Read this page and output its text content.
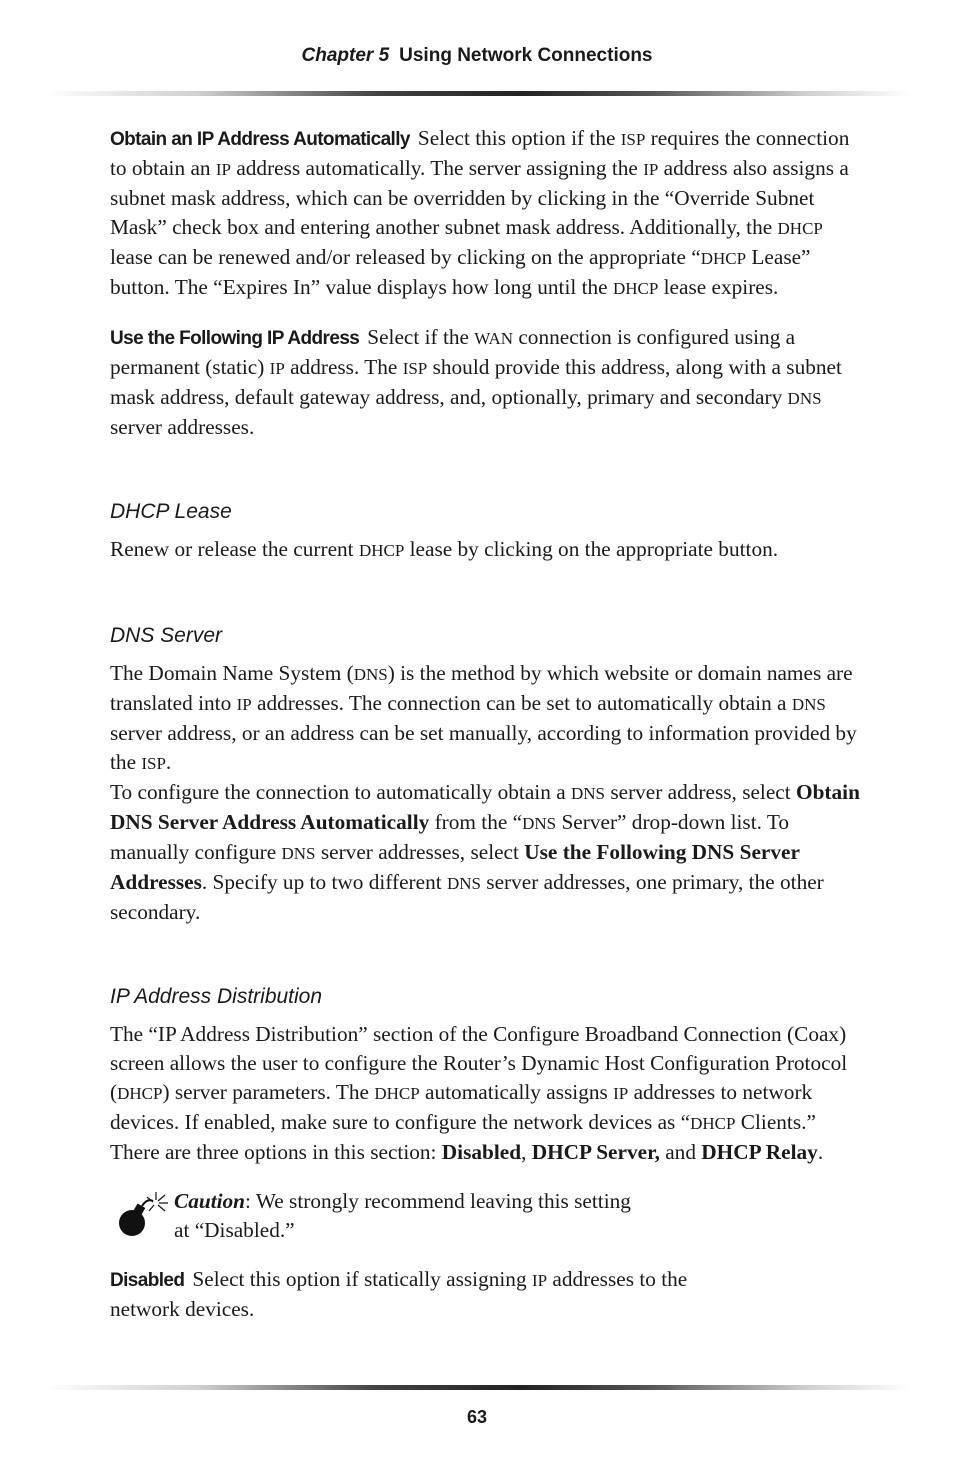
Chapter 5 Using Network Connections

Obtain an IP Address Automatically Select this option if the ISP requires the connection to obtain an IP address automatically. The server assigning the IP address also assigns a subnet mask address, which can be overridden by clicking in the “Override Subnet Mask” check box and entering another subnet mask address. Additionally, the DHCP lease can be renewed and/or released by clicking on the appropriate “DHCP Lease” button. The “Expires In” value displays how long until the DHCP lease expires.

Use the Following IP Address Select if the WAN connection is configured using a permanent (static) IP address. The ISP should provide this address, along with a subnet mask address, default gateway address, and, optionally, primary and secondary DNS server addresses.

DHCP Lease

Renew or release the current DHCP lease by clicking on the appropriate button.

DNS Server

The Domain Name System (DNS) is the method by which website or domain names are translated into IP addresses. The connection can be set to automatically obtain a DNS server address, or an address can be set manually, according to information provided by the ISP.

To configure the connection to automatically obtain a DNS server address, select Obtain DNS Server Address Automatically from the “DNS Server” drop-down list. To manually configure DNS server addresses, select Use the Following DNS Server Addresses. Specify up to two different DNS server addresses, one primary, the other secondary.

IP Address Distribution

The “IP Address Distribution” section of the Configure Broadband Connection (Coax) screen allows the user to configure the Router’s Dynamic Host Configuration Protocol (DHCP) server parameters. The DHCP automatically assigns IP addresses to network devices. If enabled, make sure to configure the network devices as “DHCP Clients.” There are three options in this section: Disabled, DHCP Server, and DHCP Relay.

Caution: We strongly recommend leaving this setting
at “Disabled.”

Disabled Select this option if statically assigning IP addresses to the
network devices.

63
